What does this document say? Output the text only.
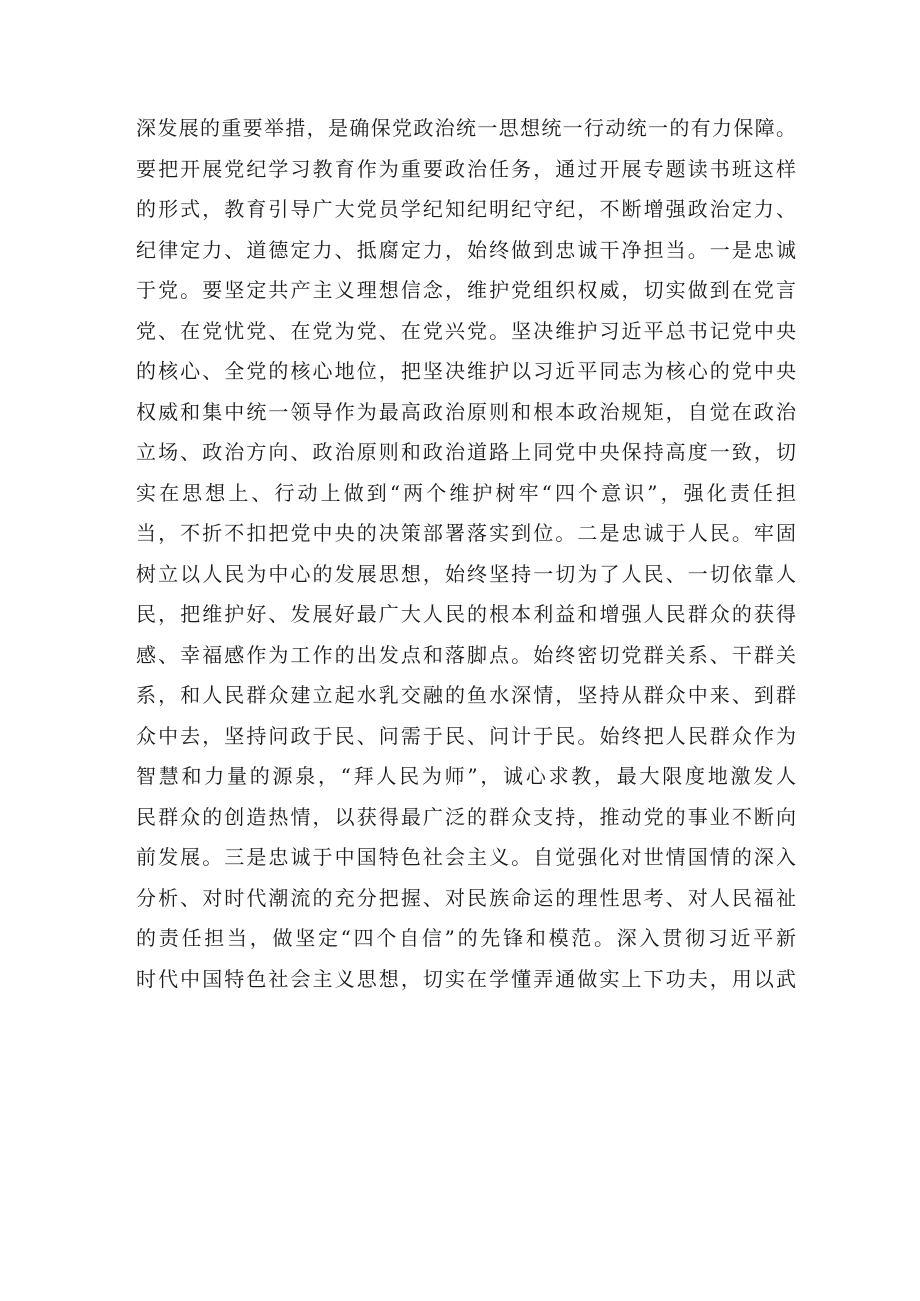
深发展的重要举措，是确保党政治统一思想统一行动统一的有力保障。
要把开展党纪学习教育作为重要政治任务，通过开展专题读书班这样
的形式，教育引导广大党员学纪知纪明纪守纪，不断增强政治定力、
纪律定力、道德定力、抵腐定力，始终做到忠诚干净担当。一是忠诚
于党。要坚定共产主义理想信念，维护党组织权威，切实做到在党言
党、在党忧党、在党为党、在党兴党。坚决维护习近平总书记党中央
的核心、全党的核心地位，把坚决维护以习近平同志为核心的党中央
权威和集中统一领导作为最高政治原则和根本政治规矩，自觉在政治
立场、政治方向、政治原则和政治道路上同党中央保持高度一致，切
实在思想上、行动上做到“两个维护树牢“四个意识”，强化责任担
当，不折不扣把党中央的决策部署落实到位。二是忠诚于人民。牢固
树立以人民为中心的发展思想，始终坚持一切为了人民、一切依靠人
民，把维护好、发展好最广大人民的根本利益和增强人民群众的获得
感、幸福感作为工作的出发点和落脚点。始终密切党群关系、干群关
系，和人民群众建立起水乳交融的鱼水深情，坚持从群众中来、到群
众中去，坚持问政于民、问需于民、问计于民。始终把人民群众作为
智慧和力量的源泉，“拜人民为师”，诚心求教，最大限度地激发人
民群众的创造热情，以获得最广泛的群众支持，推动党的事业不断向
前发展。三是忠诚于中国特色社会主义。自觉强化对世情国情的深入
分析、对时代潮流的充分把握、对民族命运的理性思考、对人民福祉
的责任担当，做坚定“四个自信”的先锋和模范。深入贯彻习近平新
时代中国特色社会主义思想，切实在学懂弄通做实上下功夫，用以武
